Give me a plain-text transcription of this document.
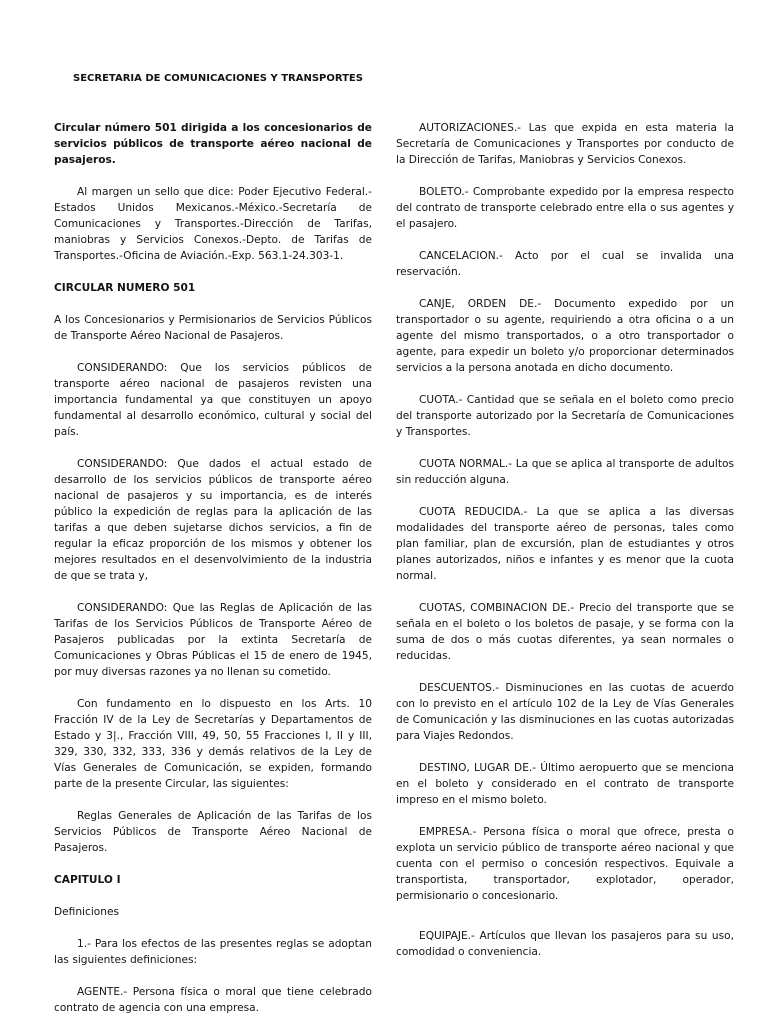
SECRETARIA DE COMUNICACIONES Y TRANSPORTES

Circular número 501 dirigida a los concesionarios de servicios públicos de transporte aéreo nacional de pasajeros.

Al margen un sello que dice: Poder Ejecutivo Federal.-Estados Unidos Mexicanos.-México.-Secretaría de Comunicaciones y Transportes.-Dirección de Tarifas, maniobras y Servicios Conexos.-Depto. de Tarifas de Transportes.-Oficina de Aviación.-Exp. 563.1-24.303-1.

CIRCULAR NUMERO 501

A los Concesionarios y Permisionarios de Servicios Públicos de Transporte Aéreo Nacional de Pasajeros.

CONSIDERANDO: Que los servicios públicos de transporte aéreo nacional de pasajeros revisten una importancia fundamental ya que constituyen un apoyo fundamental al desarrollo económico, cultural y social del país.

CONSIDERANDO: Que dados el actual estado de desarrollo de los servicios públicos de transporte aéreo nacional de pasajeros y su importancia, es de interés público la expedición de reglas para la aplicación de las tarifas a que deben sujetarse dichos servicios, a fin de regular la eficaz proporción de los mismos y obtener los mejores resultados en el desenvolvimiento de la industria de que se trata y,

CONSIDERANDO: Que las Reglas de Aplicación de las Tarifas de los Servicios Públicos de Transporte Aéreo de Pasajeros publicadas por la extinta Secretaría de Comunicaciones y Obras Públicas el 15 de enero de 1945, por muy diversas razones ya no llenan su cometido.

Con fundamento en lo dispuesto en los Arts. 10 Fracción IV de la Ley de Secretarías y Departamentos de Estado y 3|., Fracción VIII, 49, 50, 55 Fracciones I, II y III, 329, 330, 332, 333, 336 y demás relativos de la Ley de Vías Generales de Comunicación, se expiden, formando parte de la presente Circular, las siguientes:

Reglas Generales de Aplicación de las Tarifas de los Servicios Públicos de Transporte Aéreo Nacional de Pasajeros.

CAPITULO I

Definiciones

1.- Para los efectos de las presentes reglas se adoptan las siguientes definiciones:

AGENTE.- Persona física o moral que tiene celebrado contrato de agencia con una empresa.

AUTORIZACIONES.- Las que expida en esta materia la Secretaría de Comunicaciones y Transportes por conducto de la Dirección de Tarifas, Maniobras y Servicios Conexos.

BOLETO.- Comprobante expedido por la empresa respecto del contrato de transporte celebrado entre ella o sus agentes y el pasajero.

CANCELACION.- Acto por el cual se invalida una reservación.

CANJE, ORDEN DE.- Documento expedido por un transportador o su agente, requiriendo a otra oficina o a un agente del mismo transportados, o a otro transportador o agente, para expedir un boleto y/o proporcionar determinados servicios a la persona anotada en dicho documento.

CUOTA.- Cantidad que se señala en el boleto como precio del transporte autorizado por la Secretaría de Comunicaciones y Transportes.

CUOTA NORMAL.- La que se aplica al transporte de adultos sin reducción alguna.

CUOTA REDUCIDA.- La que se aplica a las diversas modalidades del transporte aéreo de personas, tales como plan familiar, plan de excursión, plan de estudiantes y otros planes autorizados, niños e infantes y es menor que la cuota normal.

CUOTAS, COMBINACION DE.- Precio del transporte que se señala en el boleto o los boletos de pasaje, y se forma con la suma de dos o más cuotas diferentes, ya sean normales o reducidas.

DESCUENTOS.- Disminuciones en las cuotas de acuerdo con lo previsto en el artículo 102 de la Ley de Vías Generales de Comunicación y las disminuciones en las cuotas autorizadas para Viajes Redondos.

DESTINO, LUGAR DE.- Último aeropuerto que se menciona en el boleto y considerado en el contrato de transporte impreso en el mismo boleto.

EMPRESA.- Persona física o moral que ofrece, presta o explota un servicio público de transporte aéreo nacional y que cuenta con el permiso o concesión respectivos. Equivale a transportista, transportador, explotador, operador, permisionario o concesionario.

EQUIPAJE.- Artículos que llevan los pasajeros para su uso, comodidad o conveniencia.
